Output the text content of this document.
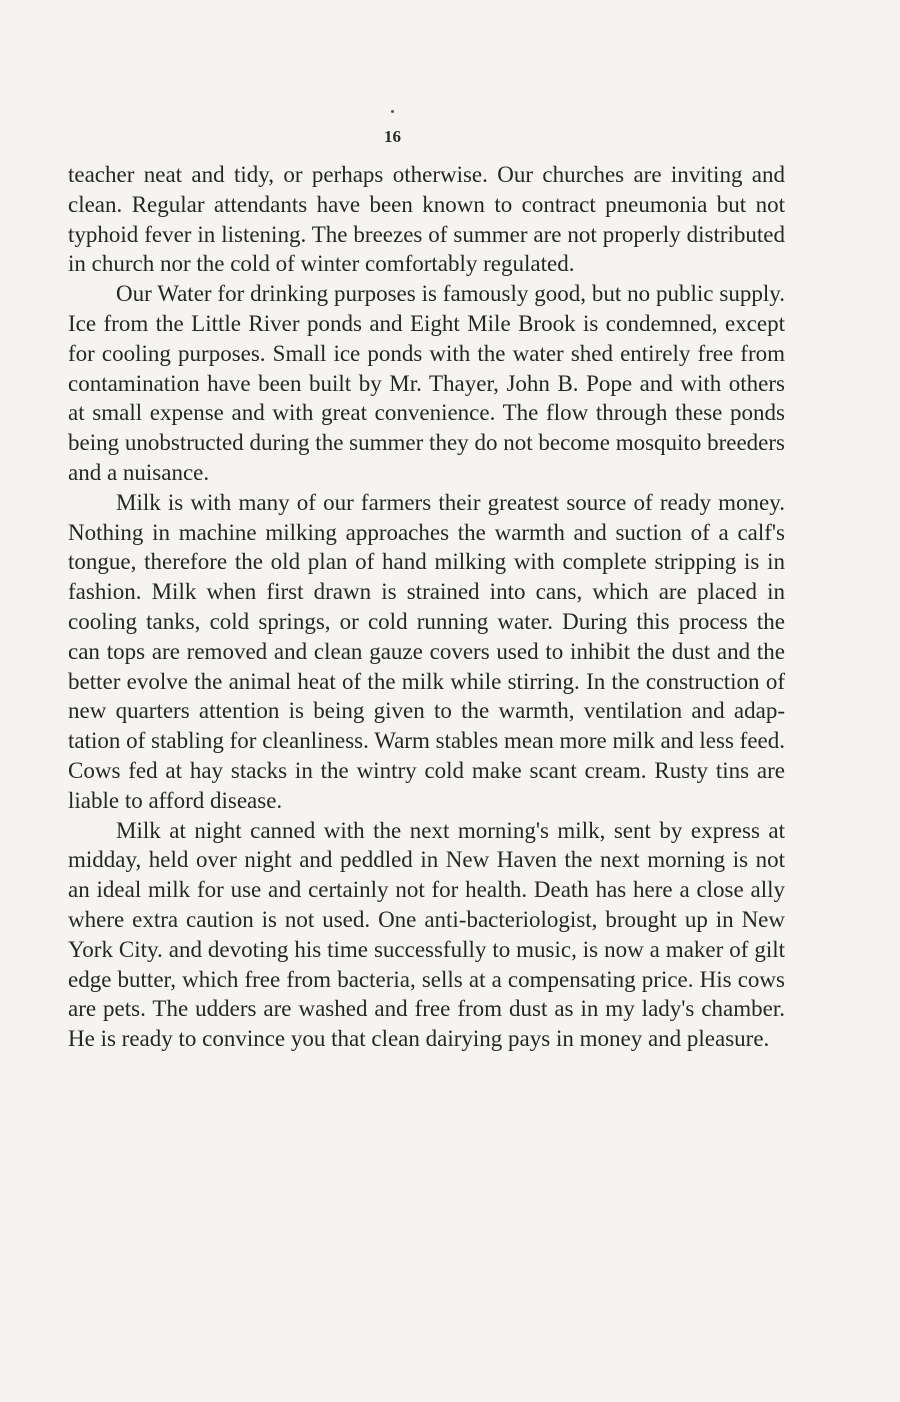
16

teacher neat and tidy, or perhaps otherwise. Our churches are inviting and clean. Regular attendants have been known to contract pneumonia but not typhoid fever in listening. The breezes of summer are not properly distributed in church nor the cold of winter comfortably regulated.

Our Water for drinking purposes is famously good, but no public supply. Ice from the Little River ponds and Eight Mile Brook is condemned, except for cooling purposes. Small ice ponds with the water shed entirely free from contamination have been built by Mr. Thayer, John B. Pope and with others at small expense and with great convenience. The flow through these ponds being unobstructed during the summer they do not become mosquito breeders and a nuisance.

Milk is with many of our farmers their greatest source of ready money. Nothing in machine milking approaches the warmth and suction of a calf's tongue, therefore the old plan of hand milking with complete stripping is in fashion. Milk when first drawn is strained into cans, which are placed in cooling tanks, cold springs, or cold running water. During this process the can tops are removed and clean gauze covers used to inhibit the dust and the better evolve the animal heat of the milk while stirring. In the construction of new quarters attention is being given to the warmth, ventilation and adaptation of stabling for cleanliness. Warm stables mean more milk and less feed. Cows fed at hay stacks in the wintry cold make scant cream. Rusty tins are liable to afford disease.

Milk at night canned with the next morning's milk, sent by express at midday, held over night and peddled in New Haven the next morning is not an ideal milk for use and certainly not for health. Death has here a close ally where extra caution is not used. One anti-bacteriologist, brought up in New York City. and devoting his time successfully to music, is now a maker of gilt edge butter, which free from bacteria, sells at a compensating price. His cows are pets. The udders are washed and free from dust as in my lady's chamber. He is ready to convince you that clean dairying pays in money and pleasure.
